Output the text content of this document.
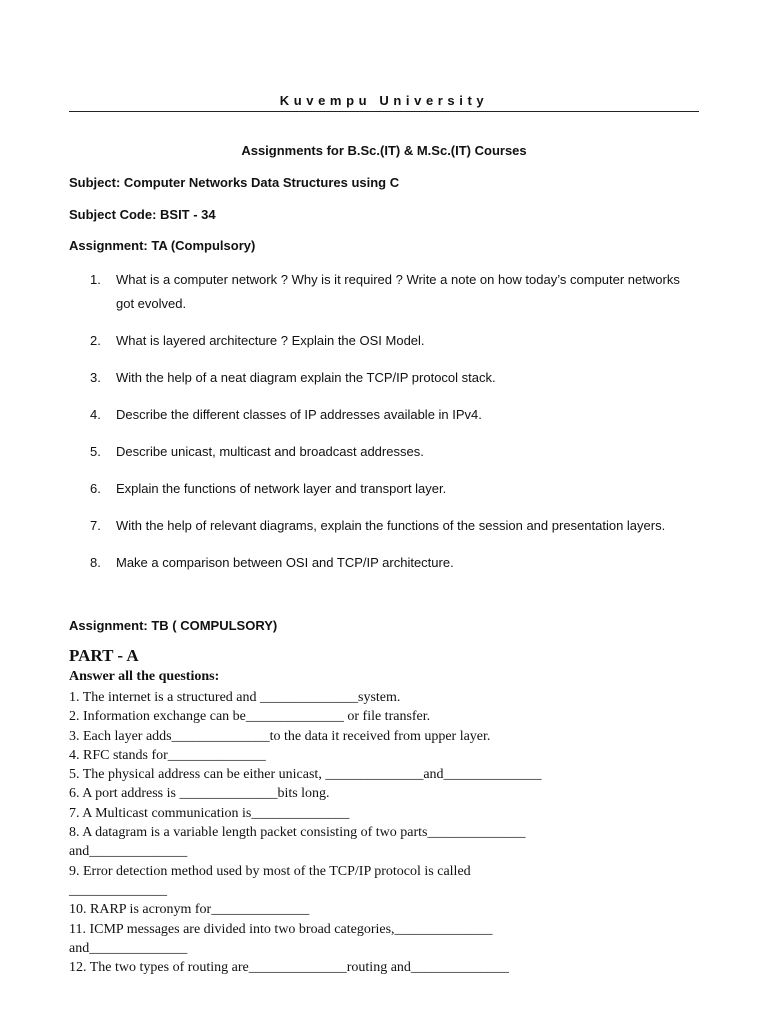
Kuvempu University
Assignments for B.Sc.(IT) & M.Sc.(IT) Courses
Subject: Computer Networks Data Structures using C
Subject Code: BSIT - 34
Assignment: TA (Compulsory)
1.	What is a computer network ? Why is it required ? Write a note on how today’s computer networks got evolved.
2.	What is layered architecture ? Explain the OSI Model.
3.	With the help of a neat diagram explain the TCP/IP protocol stack.
4.	Describe the different classes of IP addresses available in IPv4.
5.	Describe unicast, multicast and broadcast addresses.
6.	Explain the functions of network layer and transport layer.
7.	With the help of relevant diagrams, explain the functions of the session and presentation layers.
8.	Make a comparison between OSI and TCP/IP architecture.
Assignment: TB ( COMPULSORY)
PART - A
Answer all the questions:
1. The internet is a structured and ______________system.
2. Information exchange can be______________ or file transfer.
3. Each layer adds______________to the data it received from upper layer.
4. RFC stands for______________
5. The physical address can be either unicast, ______________and______________
6. A port address is ______________bits long.
7. A Multicast communication is______________
8. A datagram is a variable length packet consisting of two parts______________
and______________
9. Error detection method used by most of the TCP/IP protocol is called
______________
10. RARP is acronym for______________
11. ICMP messages are divided into two broad categories,______________
and______________
12. The two types of routing are______________routing and______________
